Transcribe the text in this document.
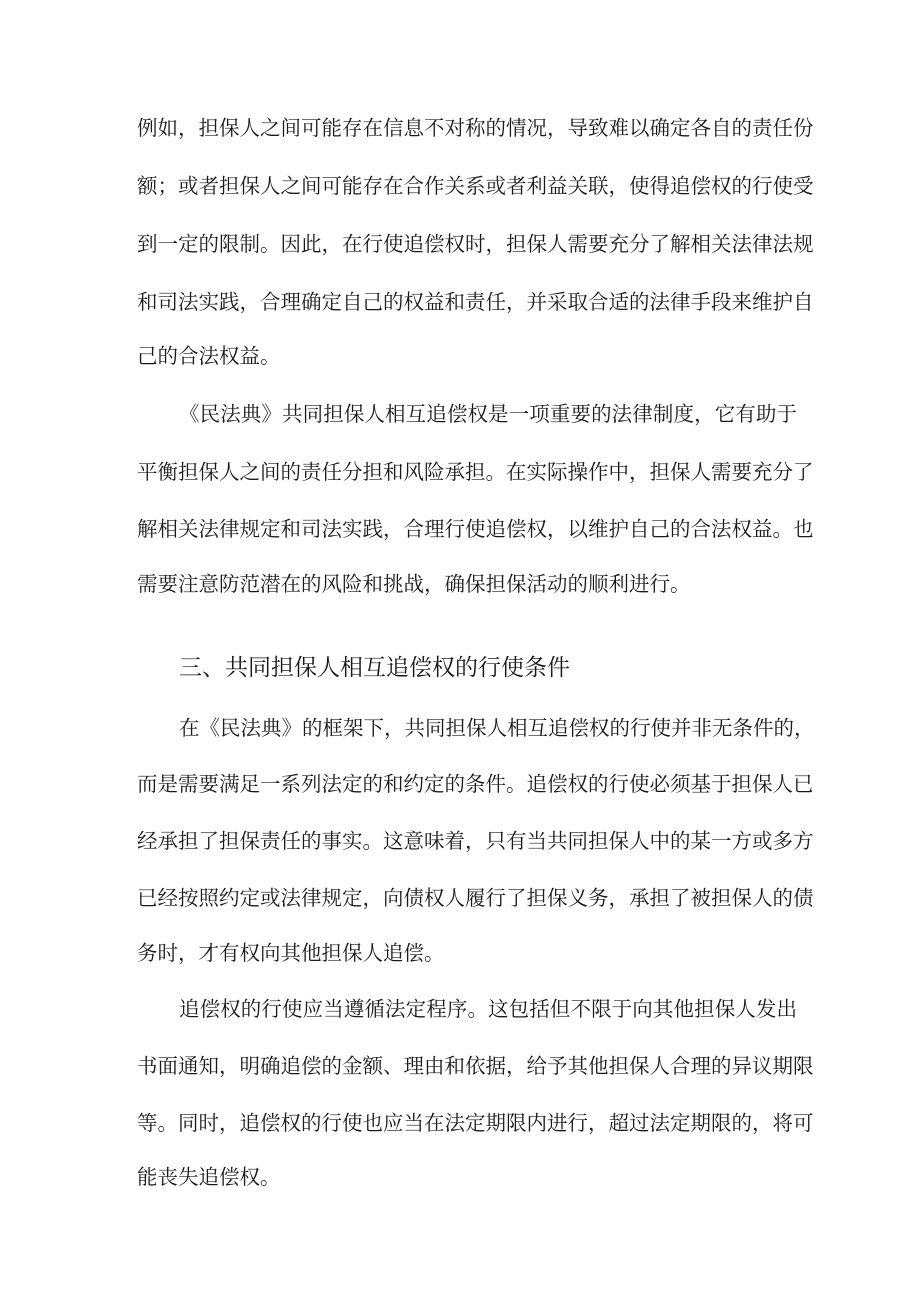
例如，担保人之间可能存在信息不对称的情况，导致难以确定各自的责任份
额；或者担保人之间可能存在合作关系或者利益关联，使得追偿权的行使受
到一定的限制。因此，在行使追偿权时，担保人需要充分了解相关法律法规
和司法实践，合理确定自己的权益和责任，并采取合适的法律手段来维护自
己的合法权益。
《民法典》共同担保人相互追偿权是一项重要的法律制度，它有助于
平衡担保人之间的责任分担和风险承担。在实际操作中，担保人需要充分了
解相关法律规定和司法实践，合理行使追偿权，以维护自己的合法权益。也
需要注意防范潜在的风险和挑战，确保担保活动的顺利进行。
三、共同担保人相互追偿权的行使条件
在《民法典》的框架下，共同担保人相互追偿权的行使并非无条件的，
而是需要满足一系列法定的和约定的条件。追偿权的行使必须基于担保人已
经承担了担保责任的事实。这意味着，只有当共同担保人中的某一方或多方
已经按照约定或法律规定，向债权人履行了担保义务，承担了被担保人的债
务时，才有权向其他担保人追偿。
追偿权的行使应当遵循法定程序。这包括但不限于向其他担保人发出
书面通知，明确追偿的金额、理由和依据，给予其他担保人合理的异议期限
等。同时，追偿权的行使也应当在法定期限内进行，超过法定期限的，将可
能丧失追偿权。
